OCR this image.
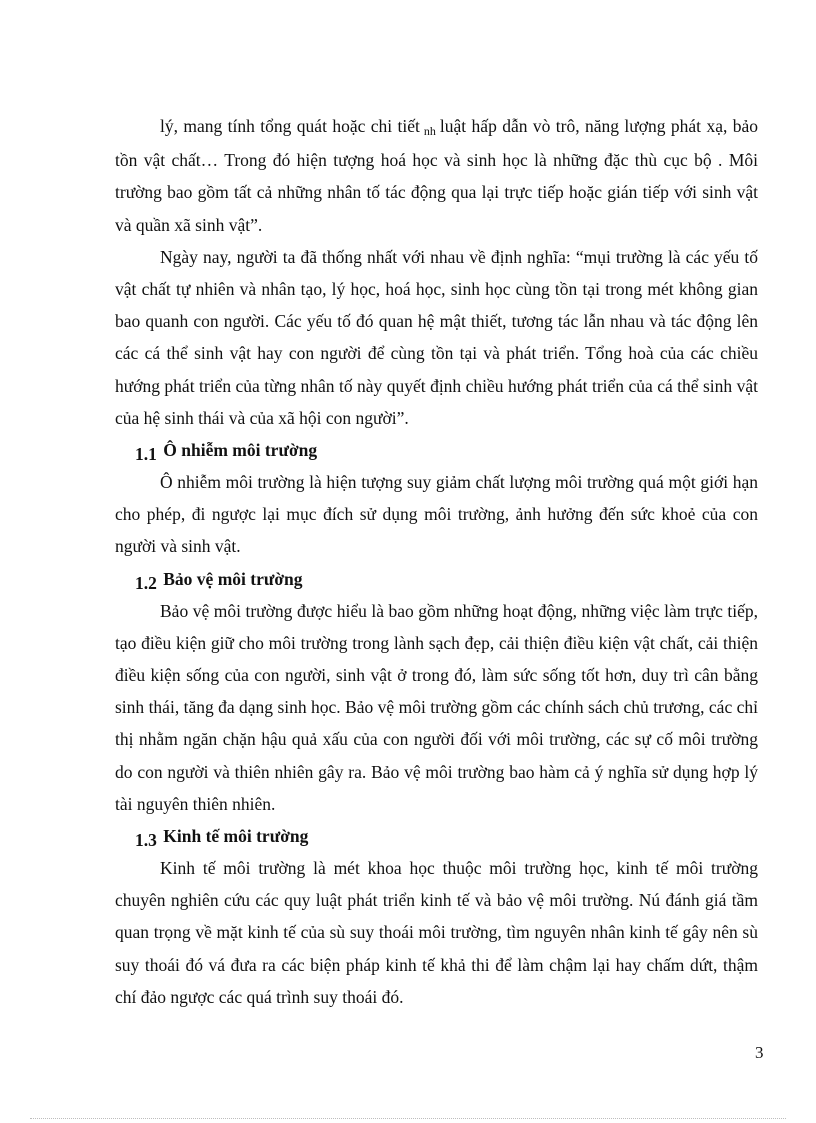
lý, mang tính tổng quát hoặc chi tiết nh luật hấp dẫn vò trô, năng lượng phát xạ, bảo tồn vật chất… Trong đó hiện tượng hoá học và sinh học là những đặc thù cục bộ . Môi trường bao gồm tất cả những nhân tố tác động qua lại trực tiếp hoặc gián tiếp với sinh vật và quần xã sinh vật”.

Ngày nay, người ta đã thống nhất với nhau về định nghĩa: “mụi trường là các yếu tố vật chất tự nhiên và nhân tạo, lý học, hoá học, sinh học cùng tồn tại trong mét không gian bao quanh con người. Các yếu tố đó quan hệ mật thiết, tương tác lẫn nhau và tác động lên các cá thể sinh vật hay con người để cùng tồn tại và phát triển. Tổng hoà của các chiều hướng phát triển của từng nhân tố này quyết định chiều hướng phát triển của cá thể sinh vật của hệ sinh thái và của xã hội con người”.

1.1 Ô nhiễm môi trường

Ô nhiễm môi trường là hiện tượng suy giảm chất lượng môi trường quá một giới hạn cho phép, đi ngược lại mục đích sử dụng môi trường, ảnh hưởng đến sức khoẻ của con người và sinh vật.

1.2 Bảo vệ môi trường

Bảo vệ môi trường được hiểu là bao gồm những hoạt động, những việc làm trực tiếp, tạo điều kiện giữ cho môi trường trong lành sạch đẹp, cải thiện điều kiện vật chất, cải thiện điều kiện sống của con người, sinh vật ở trong đó, làm sức sống tốt hơn, duy trì cân bằng sinh thái, tăng đa dạng sinh học. Bảo vệ môi trường gồm các chính sách chủ trương, các chỉ thị nhằm ngăn chặn hậu quả xấu của con người đối với môi trường, các sự cố môi trường do con người và thiên nhiên gây ra. Bảo vệ môi trường bao hàm cả ý nghĩa sử dụng hợp lý tài nguyên thiên nhiên.

1.3 Kinh tế môi trường

Kinh tế môi trường là mét khoa học thuộc môi trường học, kinh tế môi trường chuyên nghiên cứu các quy luật phát triển kinh tế và bảo vệ môi trường. Nú đánh giá tầm quan trọng về mặt kinh tế của sù suy thoái môi trường, tìm nguyên nhân kinh tế gây nên sù suy thoái đó vá đưa ra các biện pháp kinh tế khả thi để làm chậm lại hay chấm dứt, thậm chí đảo ngược các quá trình suy thoái đó.

3
